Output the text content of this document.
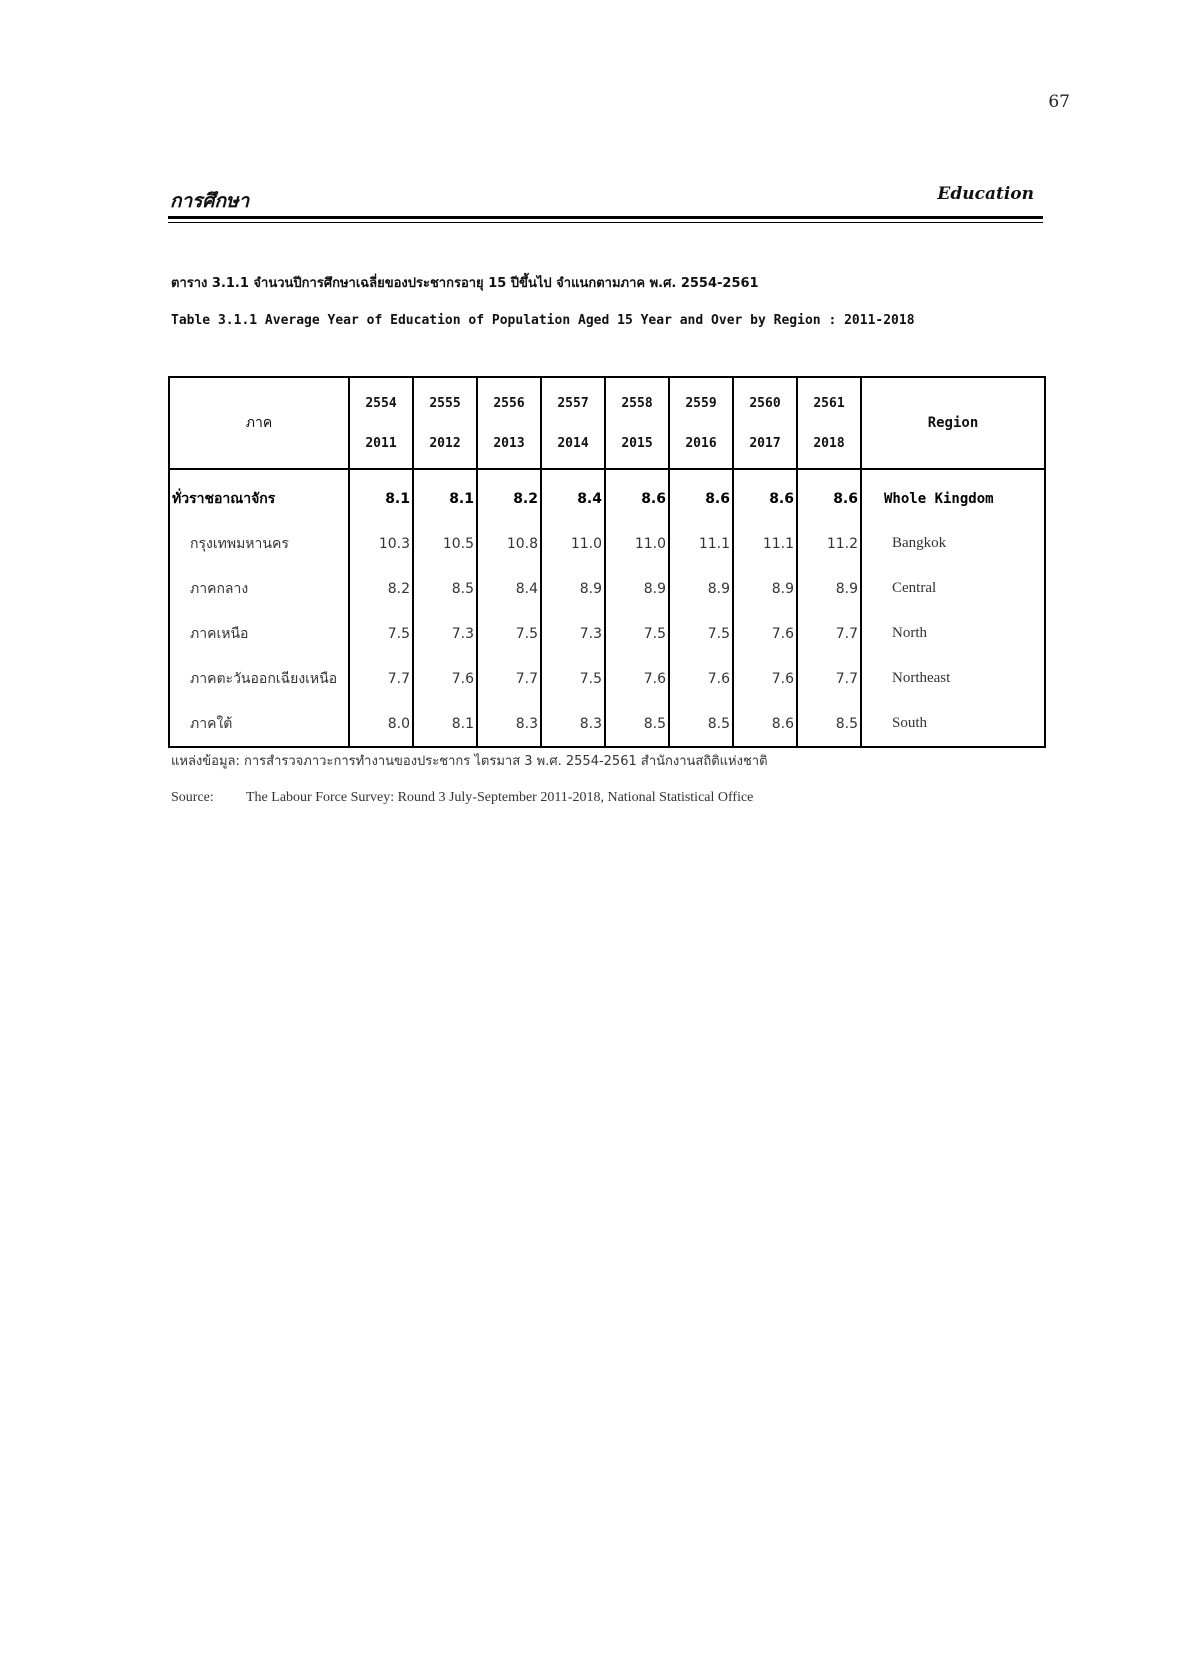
67
การศึกษา	Education
ตาราง 3.1.1 จำนวนปีการศึกษาเฉลี่ยของประชากรอายุ 15 ปีขึ้นไป จำแนกตามภาค พ.ศ. 2554-2561
Table 3.1.1 Average Year of Education of Population Aged 15 Year and Over by Region : 2011-2018
ภาค	2554	2555	2556	2557	2558	2559	2560	2561	Region
	2011	2012	2013	2014	2015	2016	2017	2018	
ทั่วราชอาณาจักร	8.1	8.1	8.2	8.4	8.6	8.6	8.6	8.6	Whole Kingdom
กรุงเทพมหานคร	10.3	10.5	10.8	11.0	11.0	11.1	11.1	11.2	Bangkok
ภาคกลาง	8.2	8.5	8.4	8.9	8.9	8.9	8.9	8.9	Central
ภาคเหนือ	7.5	7.3	7.5	7.3	7.5	7.5	7.6	7.7	North
ภาคตะวันออกเฉียงเหนือ	7.7	7.6	7.7	7.5	7.6	7.6	7.6	7.7	Northeast
ภาคใต้	8.0	8.1	8.3	8.3	8.5	8.5	8.6	8.5	South
แหล่งข้อมูล: การสำรวจภาวะการทำงานของประชากร ไตรมาส 3 พ.ศ. 2554-2561 สำนักงานสถิติแห่งชาติ
Source: The Labour Force Survey: Round 3 July-September 2011-2018, National Statistical Office
